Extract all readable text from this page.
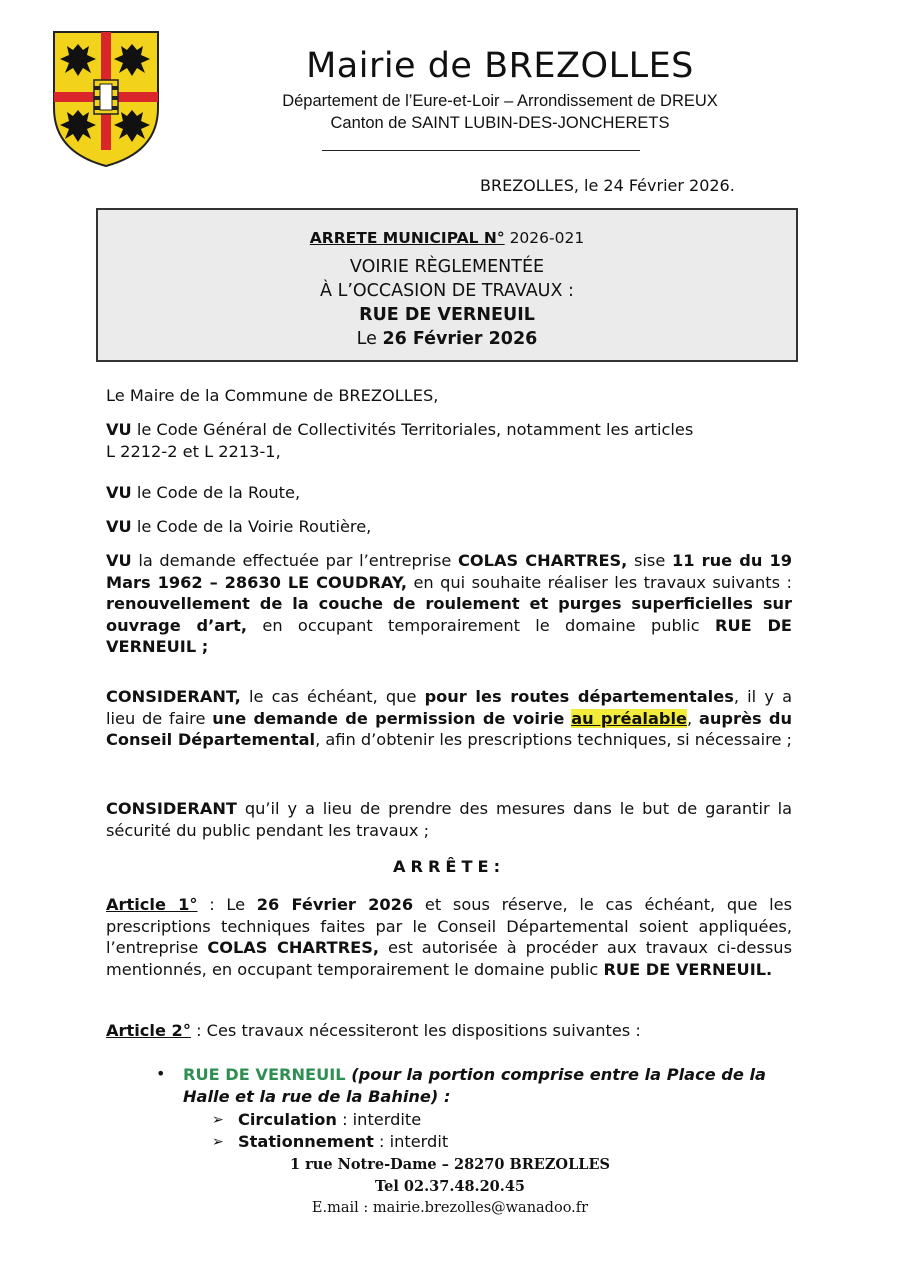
Mairie de BREZOLLES
Département de l’Eure-et-Loir – Arrondissement de DREUX
Canton de SAINT LUBIN-DES-JONCHERETS
BREZOLLES, le 24 Février 2026.
ARRETE MUNICIPAL N° 2026-021
VOIRIE RÈGLEMENTÉE
À L’OCCASION DE TRAVAUX :
RUE DE VERNEUIL
Le 26 Février 2026
Le Maire de la Commune de BREZOLLES,
VU le Code Général de Collectivités Territoriales, notamment les articles
L 2212-2 et L 2213-1,
VU le Code de la Route,
VU le Code de la Voirie Routière,
VU la demande effectuée par l’entreprise COLAS CHARTRES, sise 11 rue du 19 Mars 1962 – 28630 LE COUDRAY, en qui souhaite réaliser les travaux suivants : renouvellement de la couche de roulement et purges superficielles sur ouvrage d’art, en occupant temporairement le domaine public RUE DE VERNEUIL ;
CONSIDERANT, le cas échéant, que pour les routes départementales, il y a lieu de faire une demande de permission de voirie au préalable, auprès du Conseil Départemental, afin d’obtenir les prescriptions techniques, si nécessaire ;
CONSIDERANT qu’il y a lieu de prendre des mesures dans le but de garantir la sécurité du public pendant les travaux ;
ARRÊTE:
Article 1° : Le 26 Février 2026 et sous réserve, le cas échéant, que les prescriptions techniques faites par le Conseil Départemental soient appliquées, l’entreprise COLAS CHARTRES, est autorisée à procéder aux travaux ci-dessus mentionnés, en occupant temporairement le domaine public RUE DE VERNEUIL.
Article 2° : Ces travaux nécessiteront les dispositions suivantes :
• RUE DE VERNEUIL (pour la portion comprise entre la Place de la Halle et la rue de la Bahine) :
➢ Circulation : interdite
➢ Stationnement : interdit
1 rue Notre-Dame – 28270 BREZOLLES
Tel 02.37.48.20.45
E.mail : mairie.brezolles@wanadoo.fr
